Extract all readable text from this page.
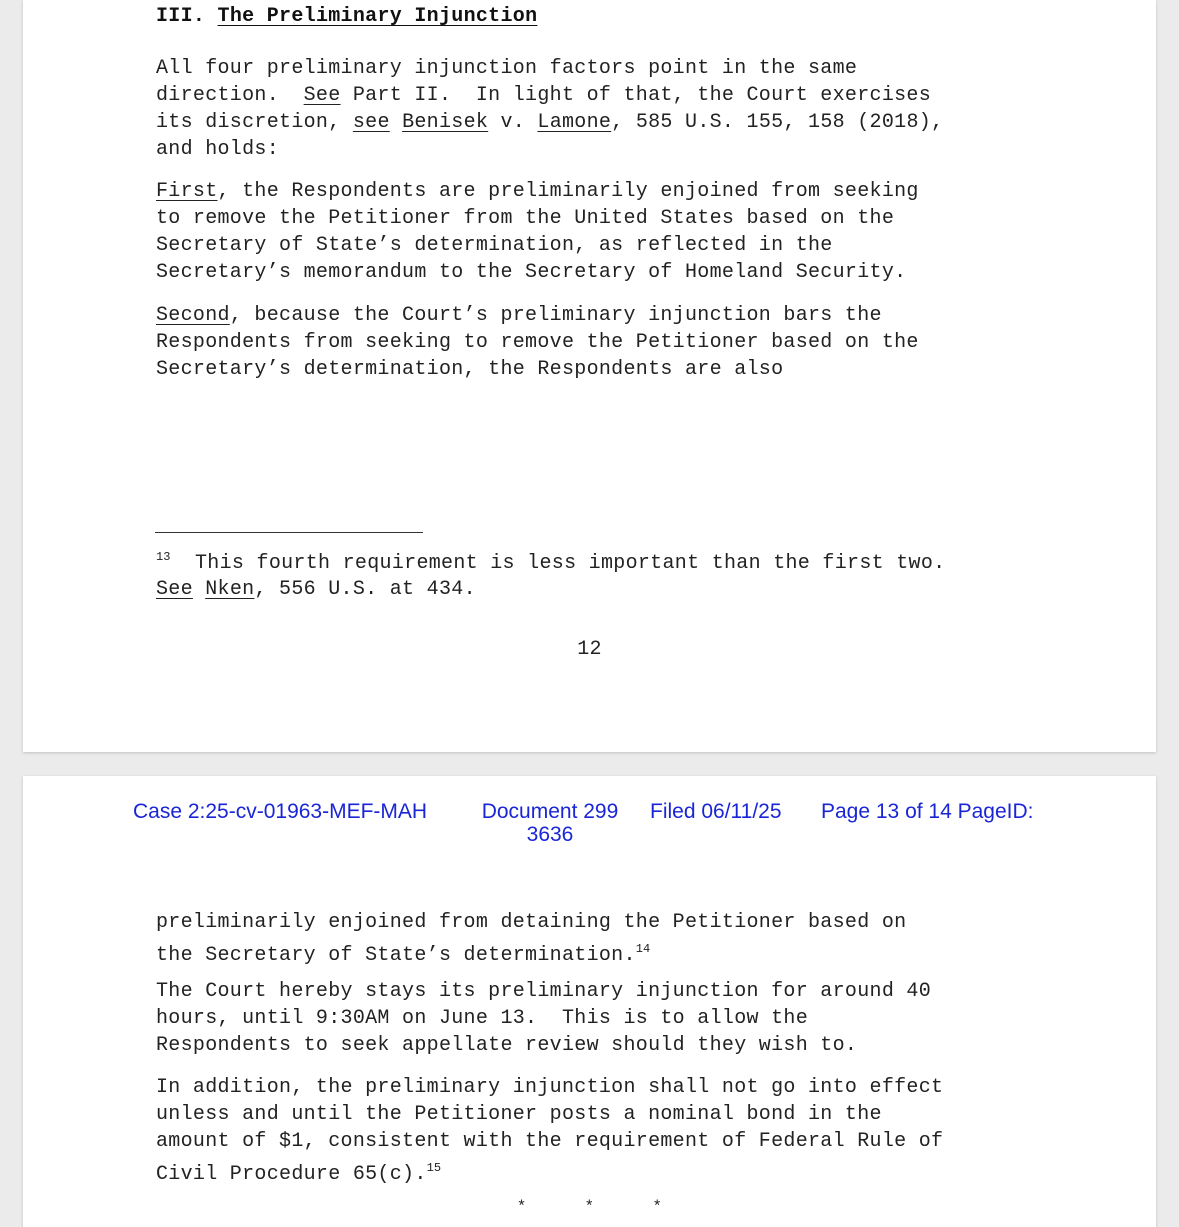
III. The Preliminary Injunction

All four preliminary injunction factors point in the same
direction.  See Part II.  In light of that, the Court exercises
its discretion, see Benisek v. Lamone, 585 U.S. 155, 158 (2018),
and holds:

First, the Respondents are preliminarily enjoined from seeking
to remove the Petitioner from the United States based on the
Secretary of State’s determination, as reflected in the
Secretary’s memorandum to the Secretary of Homeland Security.

Second, because the Court’s preliminary injunction bars the
Respondents from seeking to remove the Petitioner based on the
Secretary’s determination, the Respondents are also

$^{13}$  This fourth requirement is less important than the first two.
See Nken, 556 U.S. at 434.

12
Case 2:25-cv-01963-MEF-MAH	Document 299
3636
Filed 06/11/25 Page 13 of 14 PageID:

preliminarily enjoined from detaining the Petitioner based on
the Secretary of State’s determination.$^{14}$

The Court hereby stays its preliminary injunction for around 40
hours, until 9:30AM on June 13.  This is to allow the
Respondents to seek appellate review should they wish to.

In addition, the preliminary injunction shall not go into effect
unless and until the Petitioner posts a nominal bond in the
amount of $1, consistent with the requirement of Federal Rule of
Civil Procedure 65(c).$^{15}$

* * *
